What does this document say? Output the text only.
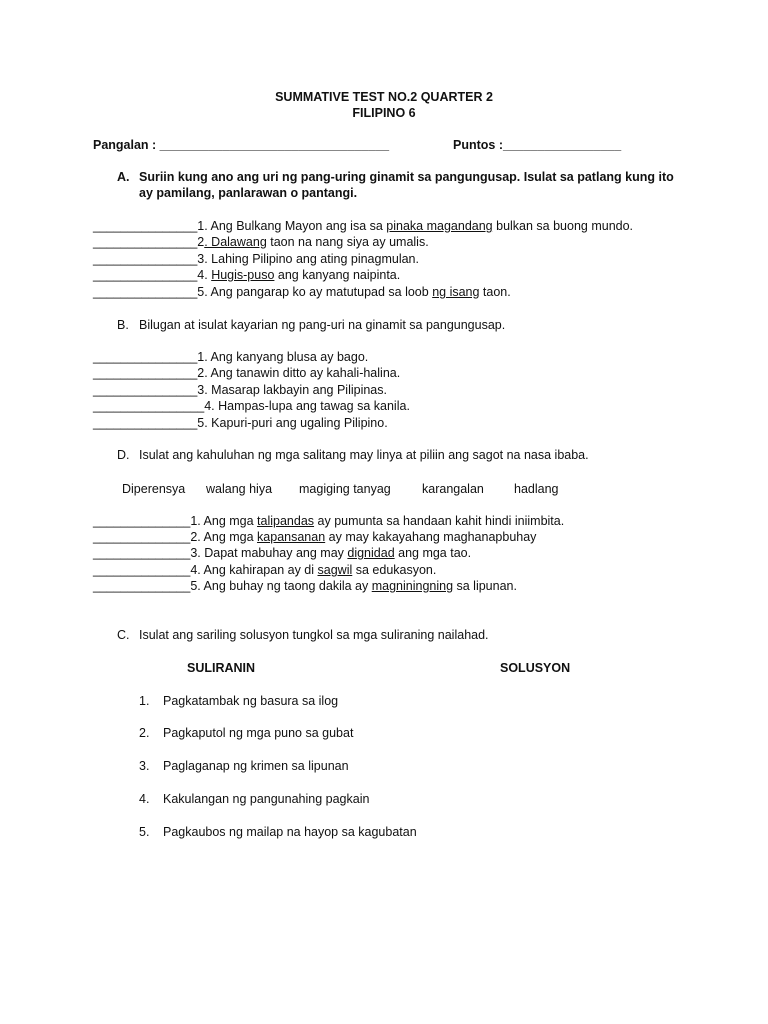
SUMMATIVE TEST NO.2 QUARTER 2
FILIPINO 6
Pangalan : _________________________________	Puntos :_________________
A. Suriin kung ano ang uri ng pang-uring ginamit sa pangungusap. Isulat sa patlang kung ito
ay pamilang, panlarawan o pantangi.
_______________1. Ang Bulkang Mayon ang isa sa pinaka magandang bulkan sa buong mundo.
_______________2. Dalawang taon na nang siya ay umalis.
_______________3. Lahing Pilipino ang ating pinagmulan.
_______________4. Hugis-puso ang kanyang naipinta.
_______________5. Ang pangarap ko ay matutupad sa loob ng isang taon.
B. Bilugan at isulat kayarian ng pang-uri na ginamit sa pangungusap.
_______________1. Ang kanyang blusa ay bago.
_______________2. Ang tanawin ditto ay kahali-halina.
_______________3. Masarap lakbayin ang Pilipinas.
________________4. Hampas-lupa ang tawag sa kanila.
_______________5. Kapuri-puri ang ugaling Pilipino.
D. Isulat ang kahuluhan ng mga salitang may linya at piliin ang sagot na nasa ibaba.
Diperensya walang hiya magiging tanyag	karangalan hadlang
______________1. Ang mga talipandas ay pumunta sa handaan kahit hindi iniimbita.
______________2. Ang mga kapansanan ay may kakayahang maghanapbuhay
______________3. Dapat mabuhay ang may dignidad ang mga tao.
______________4. Ang kahirapan ay di sagwil sa edukasyon.
______________5. Ang buhay ng taong dakila ay magniningning sa lipunan.
C. Isulat ang sariling solusyon tungkol sa mga suliraning nailahad.
SULIRANIN	SOLUSYON
1. Pagkatambak ng basura sa ilog
2. Pagkaputol ng mga puno sa gubat
3. Paglaganap ng krimen sa lipunan
4. Kakulangan ng pangunahing pagkain
5. Pagkaubos ng mailap na hayop sa kagubatan
